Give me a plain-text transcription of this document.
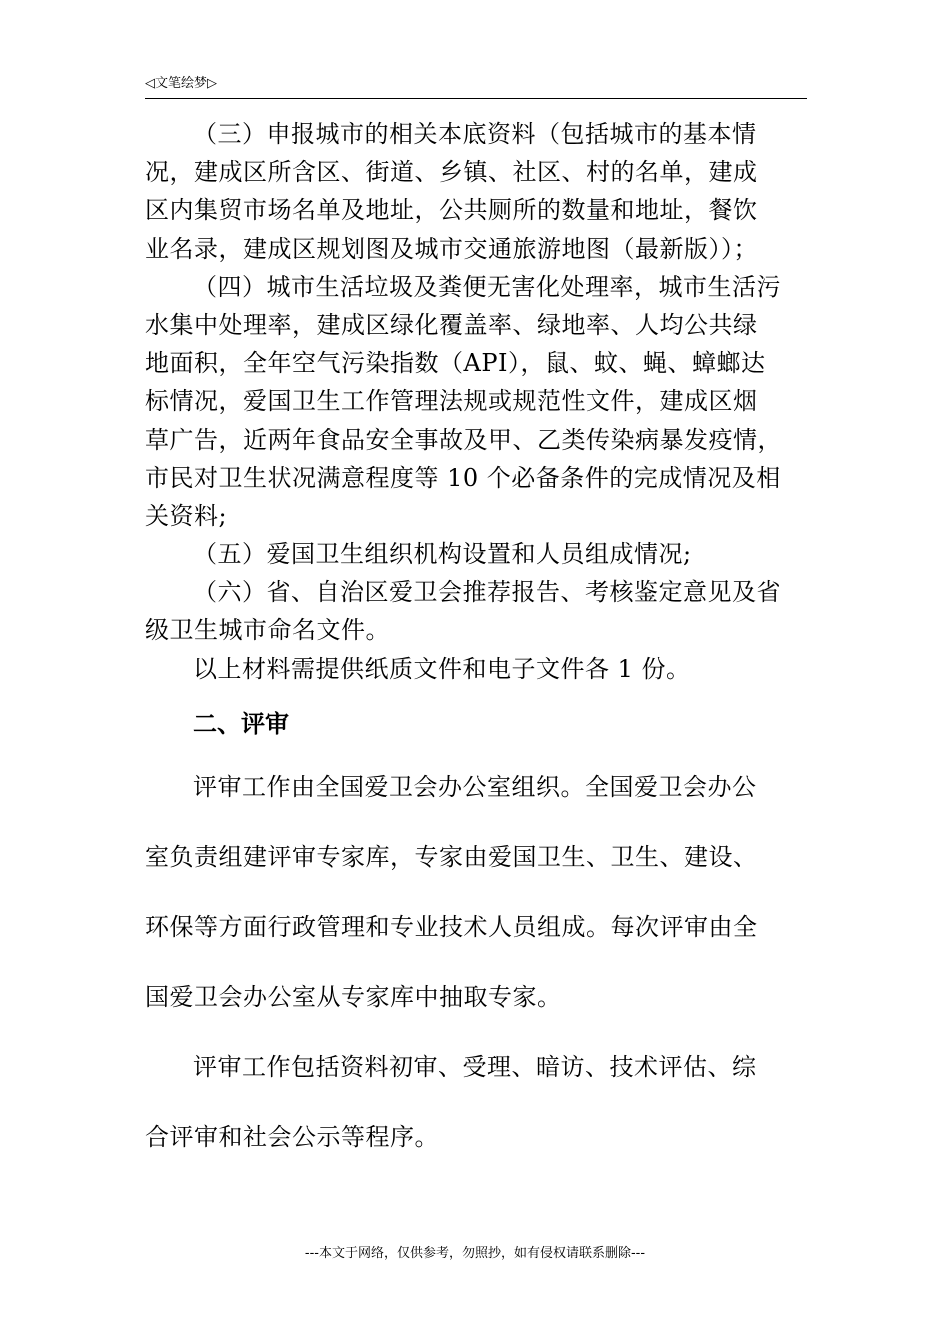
◁文笔绘梦▷
（三）申报城市的相关本底资料（包括城市的基本情
况，建成区所含区、街道、乡镇、社区、村的名单，建成
区内集贸市场名单及地址，公共厕所的数量和地址，餐饮
业名录，建成区规划图及城市交通旅游地图（最新版））；
（四）城市生活垃圾及粪便无害化处理率，城市生活污
水集中处理率，建成区绿化覆盖率、绿地率、人均公共绿
地面积，全年空气污染指数（API），鼠、蚊、蝇、蟑螂达
标情况，爱国卫生工作管理法规或规范性文件，建成区烟
草广告，近两年食品安全事故及甲、乙类传染病暴发疫情，
市民对卫生状况满意程度等 10 个必备条件的完成情况及相
关资料;
（五）爱国卫生组织机构设置和人员组成情况;
（六）省、自治区爱卫会推荐报告、考核鉴定意见及省
级卫生城市命名文件。
以上材料需提供纸质文件和电子文件各 1 份。
二、评审
评审工作由全国爱卫会办公室组织。全国爱卫会办公
室负责组建评审专家库，专家由爱国卫生、卫生、建设、
环保等方面行政管理和专业技术人员组成。每次评审由全
国爱卫会办公室从专家库中抽取专家。
评审工作包括资料初审、受理、暗访、技术评估、综
合评审和社会公示等程序。
---本文于网络，仅供参考，勿照抄，如有侵权请联系删除---
